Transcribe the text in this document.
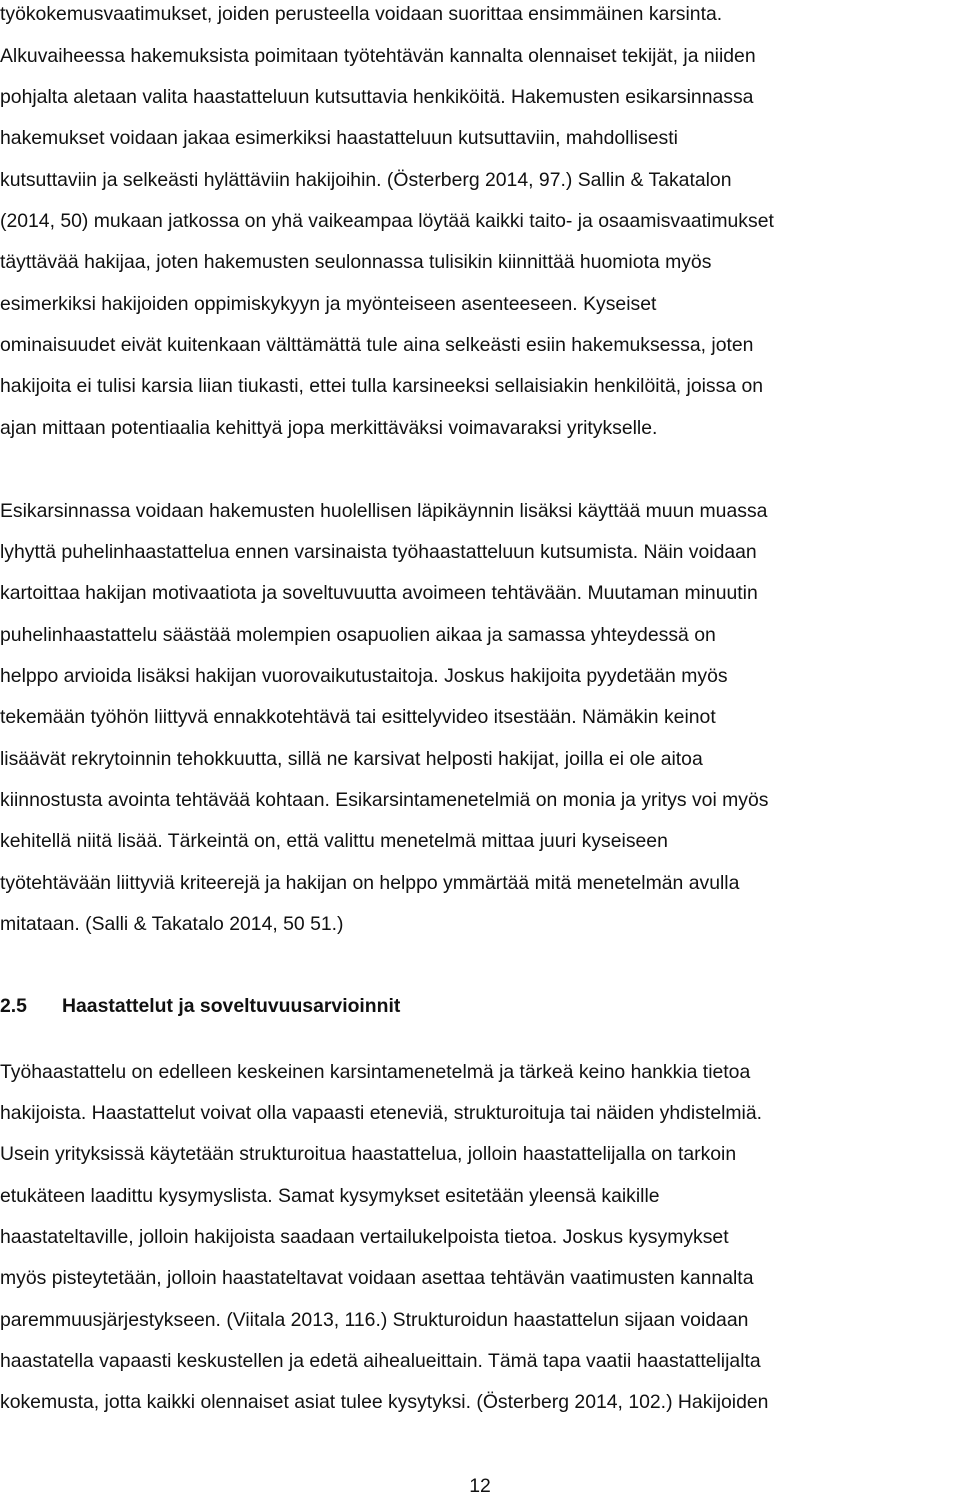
työkokemusvaatimukset, joiden perusteella voidaan suorittaa ensimmäinen karsinta.
Alkuvaiheessa hakemuksista poimitaan työtehtävän kannalta olennaiset tekijät, ja niiden
pohjalta aletaan valita haastatteluun kutsuttavia henkiköitä. Hakemusten esikarsinnassa
hakemukset voidaan jakaa esimerkiksi haastatteluun kutsuttaviin, mahdollisesti
kutsuttaviin ja selkeästi hylättäviin hakijoihin. (Österberg 2014, 97.) Sallin & Takatalon
(2014, 50) mukaan jatkossa on yhä vaikeampaa löytää kaikki taito- ja osaamisvaatimukset
täyttävää hakijaa, joten hakemusten seulonnassa tulisikin kiinnittää huomiota myös
esimerkiksi hakijoiden oppimiskykyyn ja myönteiseen asenteeseen. Kyseiset
ominaisuudet eivät kuitenkaan välttämättä tule aina selkeästi esiin hakemuksessa, joten
hakijoita ei tulisi karsia liian tiukasti, ettei tulla karsineeksi sellaisiakin henkilöitä, joissa on
ajan mittaan potentiaalia kehittyä jopa merkittäväksi voimavaraksi yritykselle.
Esikarsinnassa voidaan hakemusten huolellisen läpikäynnin lisäksi käyttää muun muassa
lyhyttä puhelinhaastattelua ennen varsinaista työhaastatteluun kutsumista. Näin voidaan
kartoittaa hakijan motivaatiota ja soveltuvuutta avoimeen tehtävään. Muutaman minuutin
puhelinhaastattelu säästää molempien osapuolien aikaa ja samassa yhteydessä on
helppo arvioida lisäksi hakijan vuorovaikutustaitoja. Joskus hakijoita pyydetään myös
tekemään työhön liittyvä ennakkotehtävä tai esittelyvideo itsestään. Nämäkin keinot
lisäävät rekrytoinnin tehokkuutta, sillä ne karsivat helposti hakijat, joilla ei ole aitoa
kiinnostusta avointa tehtävää kohtaan. Esikarsintamenetelmiä on monia ja yritys voi myös
kehitellä niitä lisää. Tärkeintä on, että valittu menetelmä mittaa juuri kyseiseen
työtehtävään liittyviä kriteerejä ja hakijan on helppo ymmärtää mitä menetelmän avulla
mitataan. (Salli & Takatalo 2014, 50 51.)
2.5 Haastattelut ja soveltuvuusarvioinnit
Työhaastattelu on edelleen keskeinen karsintamenetelmä ja tärkeä keino hankkia tietoa
hakijoista. Haastattelut voivat olla vapaasti eteneviä, strukturoituja tai näiden yhdistelmiä.
Usein yrityksissä käytetään strukturoitua haastattelua, jolloin haastattelijalla on tarkoin
etukäteen laadittu kysymyslista. Samat kysymykset esitetään yleensä kaikille
haastateltaville, jolloin hakijoista saadaan vertailukelpoista tietoa. Joskus kysymykset
myös pisteytetään, jolloin haastateltavat voidaan asettaa tehtävän vaatimusten kannalta
paremmuusjärjestykseen. (Viitala 2013, 116.) Strukturoidun haastattelun sijaan voidaan
haastatella vapaasti keskustellen ja edetä aihealueittain. Tämä tapa vaatii haastattelijalta
kokemusta, jotta kaikki olennaiset asiat tulee kysytyksi. (Österberg 2014, 102.) Hakijoiden
12
